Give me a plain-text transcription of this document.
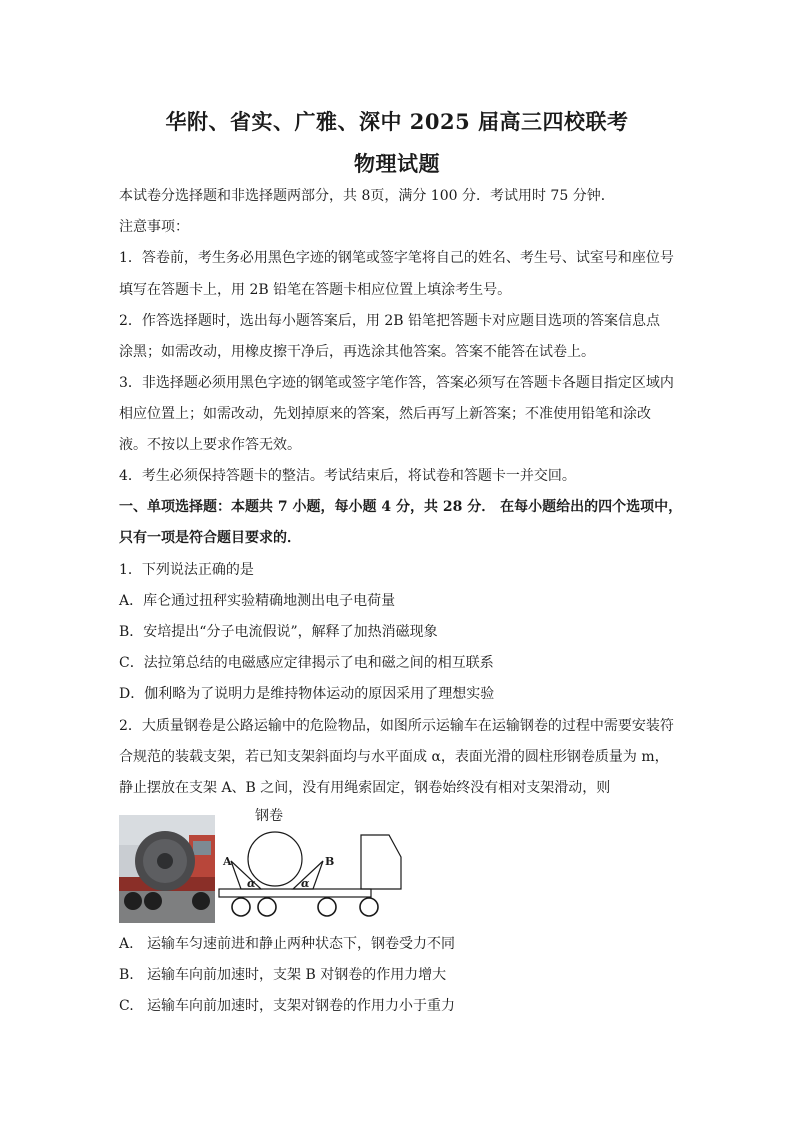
华附、省实、广雅、深中 2025 届高三四校联考
物理试题
本试卷分选择题和非选择题两部分，共 8页，满分 100 分．考试用时 75 分钟．
注意事项：
1．答卷前，考生务必用黑色字迹的钢笔或签字笔将自己的姓名、考生号、试室号和座位号
填写在答题卡上，用 2B 铅笔在答题卡相应位置上填涂考生号。
2．作答选择题时，选出每小题答案后，用 2B 铅笔把答题卡对应题目选项的答案信息点
涂黑；如需改动，用橡皮擦干净后，再选涂其他答案。答案不能答在试卷上。
3．非选择题必须用黑色字迹的钢笔或签字笔作答，答案必须写在答题卡各题目指定区域内
相应位置上；如需改动，先划掉原来的答案，然后再写上新答案；不准使用铅笔和涂改
液。不按以上要求作答无效。
4．考生必须保持答题卡的整洁。考试结束后，将试卷和答题卡一并交回。
一、单项选择题：本题共 7 小题，每小题 4 分，共 28 分． 在每小题给出的四个选项中，
只有一项是符合题目要求的．
1．下列说法正确的是
A．库仑通过扭秤实验精确地测出电子电荷量
B．安培提出“分子电流假说”，解释了加热消磁现象
C．法拉第总结的电磁感应定律揭示了电和磁之间的相互联系
D．伽利略为了说明力是维持物体运动的原因采用了理想实验
2．大质量钢卷是公路运输中的危险物品，如图所示运输车在运输钢卷的过程中需要安装符
合规范的装载支架，若已知支架斜面均与水平面成 α，表面光滑的圆柱形钢卷质量为 m，
静止摆放在支架 A、B 之间，没有用绳索固定，钢卷始终没有相对支架滑动，则
钢卷
A	B
α	α
A. 运输车匀速前进和静止两种状态下，钢卷受力不同
B. 运输车向前加速时，支架 B 对钢卷的作用力增大
C. 运输车向前加速时，支架对钢卷的作用力小于重力
